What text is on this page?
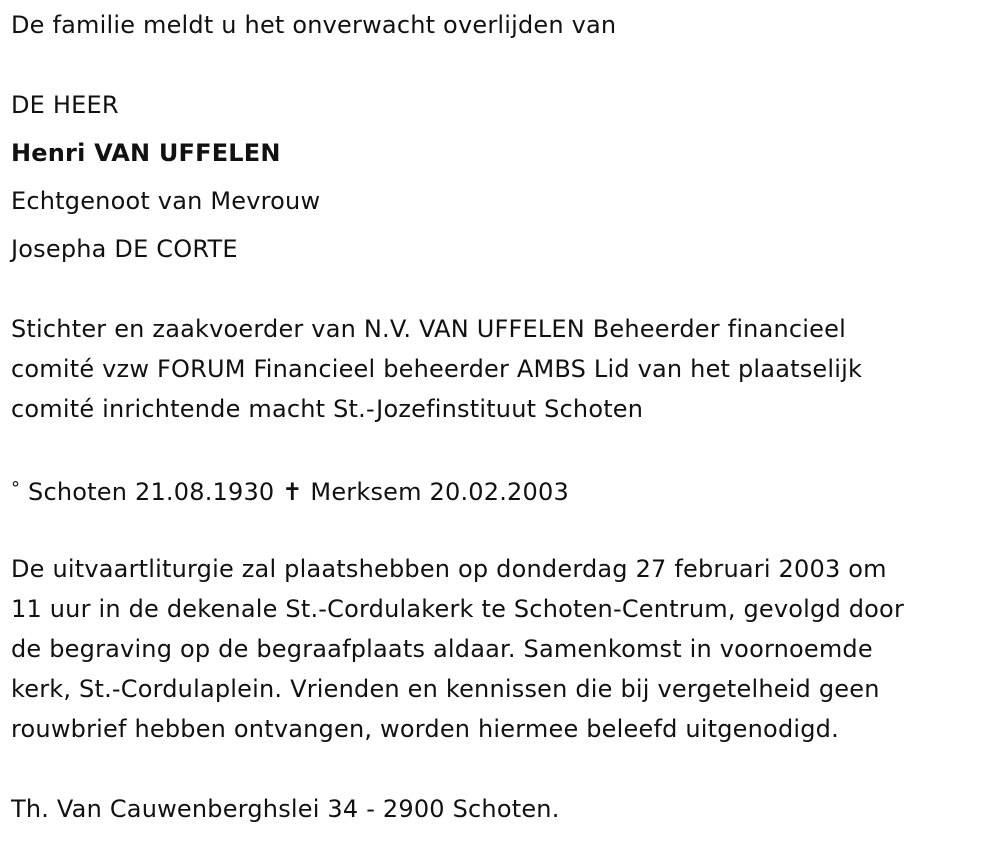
De familie meldt u het onverwacht overlijden van
DE HEER
Henri VAN UFFELEN
Echtgenoot van Mevrouw
Josepha DE CORTE
Stichter en zaakvoerder van N.V. VAN UFFELEN Beheerder financieel
comité vzw FORUM Financieel beheerder AMBS Lid van het plaatselijk
comité inrichtende macht St.-Jozefinstituut Schoten
° Schoten 21.08.1930 ✝ Merksem 20.02.2003
De uitvaartliturgie zal plaatshebben op donderdag 27 februari 2003 om
11 uur in de dekenale St.-Cordulakerk te Schoten-Centrum, gevolgd door
de begraving op de begraafplaats aldaar. Samenkomst in voornoemde
kerk, St.-Cordulaplein. Vrienden en kennissen die bij vergetelheid geen
rouwbrief hebben ontvangen, worden hiermee beleefd uitgenodigd.
Th. Van Cauwenberghslei 34 - 2900 Schoten.
